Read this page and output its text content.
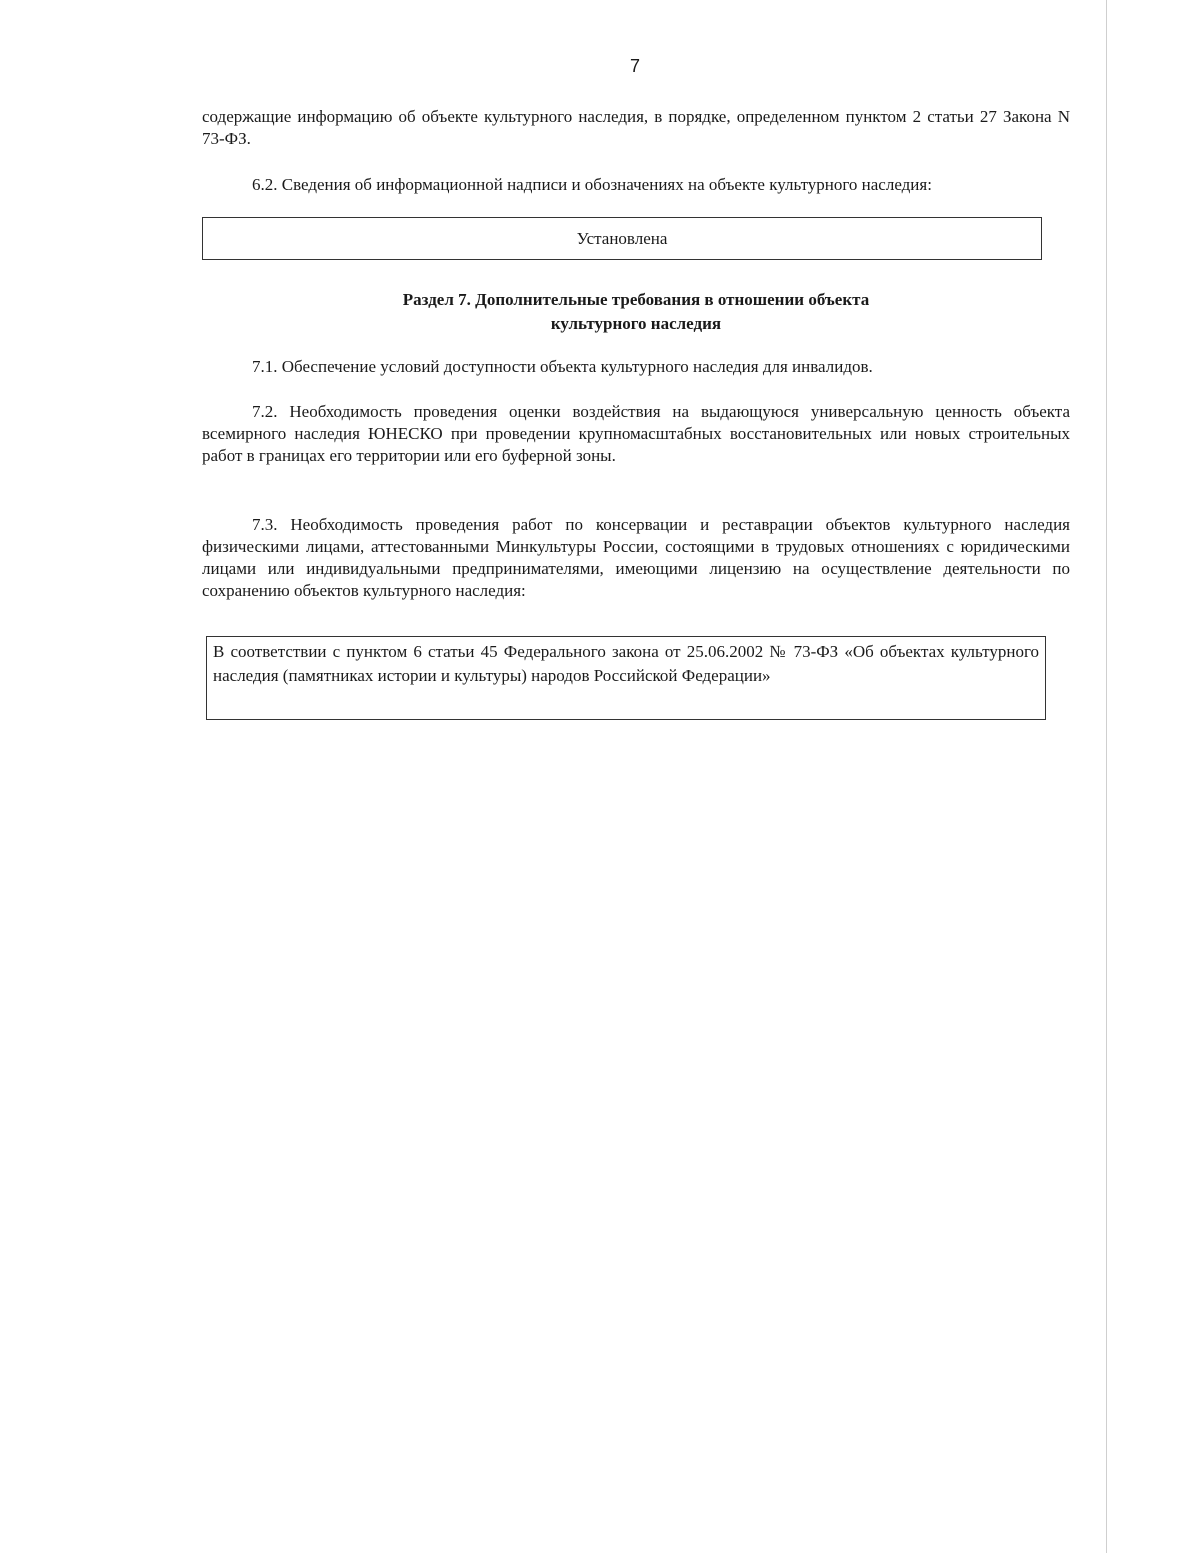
7

содержащие информацию об объекте культурного наследия, в порядке, определенном пунктом 2 статьи 27 Закона N 73-ФЗ.

6.2. Сведения об информационной надписи и обозначениях на объекте культурного наследия:

Установлена
Раздел 7. Дополнительные требования в отношении объекта
культурного наследия

7.1. Обеспечение условий доступности объекта культурного наследия для инвалидов.

7.2. Необходимость проведения оценки воздействия на выдающуюся универсальную ценность объекта всемирного наследия ЮНЕСКО при проведении крупномасштабных восстановительных или новых строительных работ в границах его территории или его буферной зоны.

7.3. Необходимость проведения работ по консервации и реставрации объектов культурного наследия физическими лицами, аттестованными Минкультуры России, состоящими в трудовых отношениях с юридическими лицами или индивидуальными предпринимателями, имеющими лицензию на осуществление деятельности по сохранению объектов культурного наследия:

В соответствии с пунктом 6 статьи 45 Федерального закона от 25.06.2002 № 73-ФЗ «Об объектах культурного наследия (памятниках истории и культуры) народов Российской Федерации»
